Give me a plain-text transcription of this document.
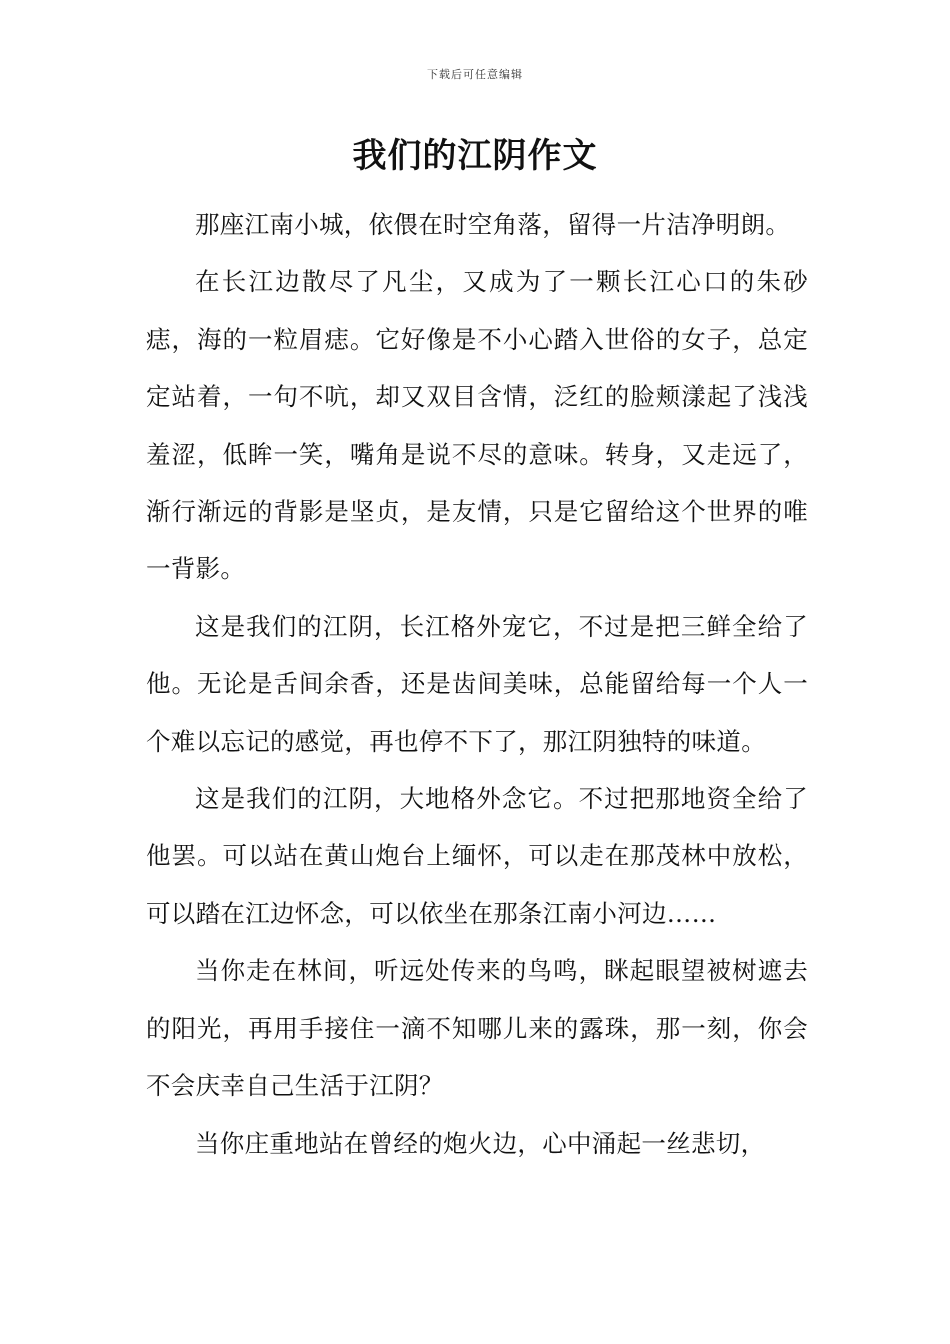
下载后可任意编辑
我们的江阴作文

那座江南小城，依偎在时空角落，留得一片洁净明朗。

在长江边散尽了凡尘，又成为了一颗长江心口的朱砂痣，海的一粒眉痣。它好像是不小心踏入世俗的女子，总定定站着，一句不吭，却又双目含情，泛红的脸颊漾起了浅浅羞涩，低眸一笑，嘴角是说不尽的意味。转身，又走远了，渐行渐远的背影是坚贞，是友情，只是它留给这个世界的唯一背影。

这是我们的江阴，长江格外宠它，不过是把三鲜全给了他。无论是舌间余香，还是齿间美味，总能留给每一个人一个难以忘记的感觉，再也停不下了，那江阴独特的味道。

这是我们的江阴，大地格外念它。不过把那地资全给了他罢。可以站在黄山炮台上缅怀，可以走在那茂林中放松，可以踏在江边怀念，可以依坐在那条江南小河边……

当你走在林间，听远处传来的鸟鸣，眯起眼望被树遮去的阳光，再用手接住一滴不知哪儿来的露珠，那一刻，你会不会庆幸自己生活于江阴？

当你庄重地站在曾经的炮火边，心中涌起一丝悲切，
